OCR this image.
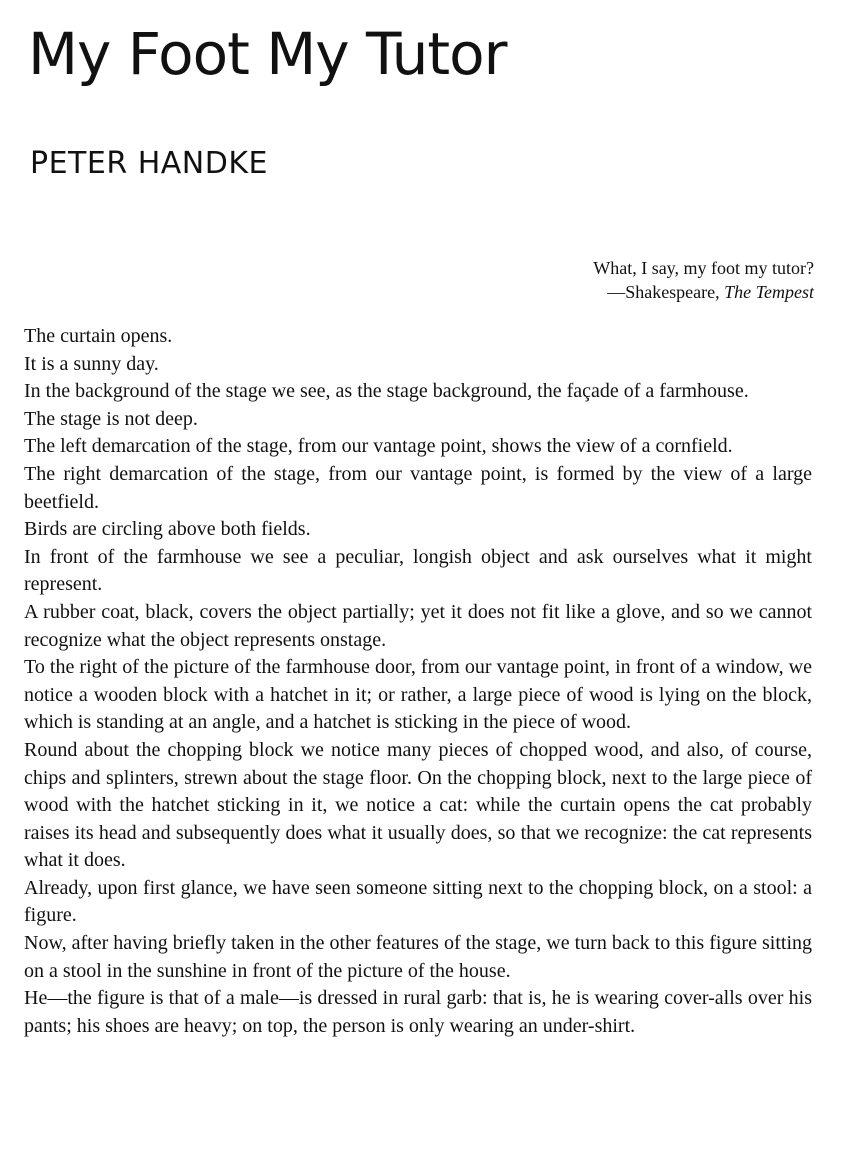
My Foot My Tutor
PETER HANDKE
What, I say, my foot my tutor?
—Shakespeare, The Tempest

The curtain opens.

It is a sunny day.

In the background of the stage we see, as the stage background, the façade of a farmhouse.

The stage is not deep.

The left demarcation of the stage, from our vantage point, shows the view of a cornfield.

The right demarcation of the stage, from our vantage point, is formed by the view of a large beetfield.

Birds are circling above both fields.

In front of the farmhouse we see a peculiar, longish object and ask ourselves what it might represent.

A rubber coat, black, covers the object partially; yet it does not fit like a glove, and so we cannot recognize what the object represents onstage.

To the right of the picture of the farmhouse door, from our vantage point, in front of a window, we notice a wooden block with a hatchet in it; or rather, a large piece of wood is lying on the block, which is standing at an angle, and a hatchet is sticking in the piece of wood.

Round about the chopping block we notice many pieces of chopped wood, and also, of course, chips and splinters, strewn about the stage floor. On the chopping block, next to the large piece of wood with the hatchet sticking in it, we notice a cat: while the curtain opens the cat probably raises its head and subsequently does what it usually does, so that we recognize: the cat represents what it does.

Already, upon first glance, we have seen someone sitting next to the chopping block, on a stool: a figure.

Now, after having briefly taken in the other features of the stage, we turn back to this figure sitting on a stool in the sunshine in front of the picture of the house.

He—the figure is that of a male—is dressed in rural garb: that is, he is wearing cover-alls over his pants; his shoes are heavy; on top, the person is only wearing an under-shirt.
